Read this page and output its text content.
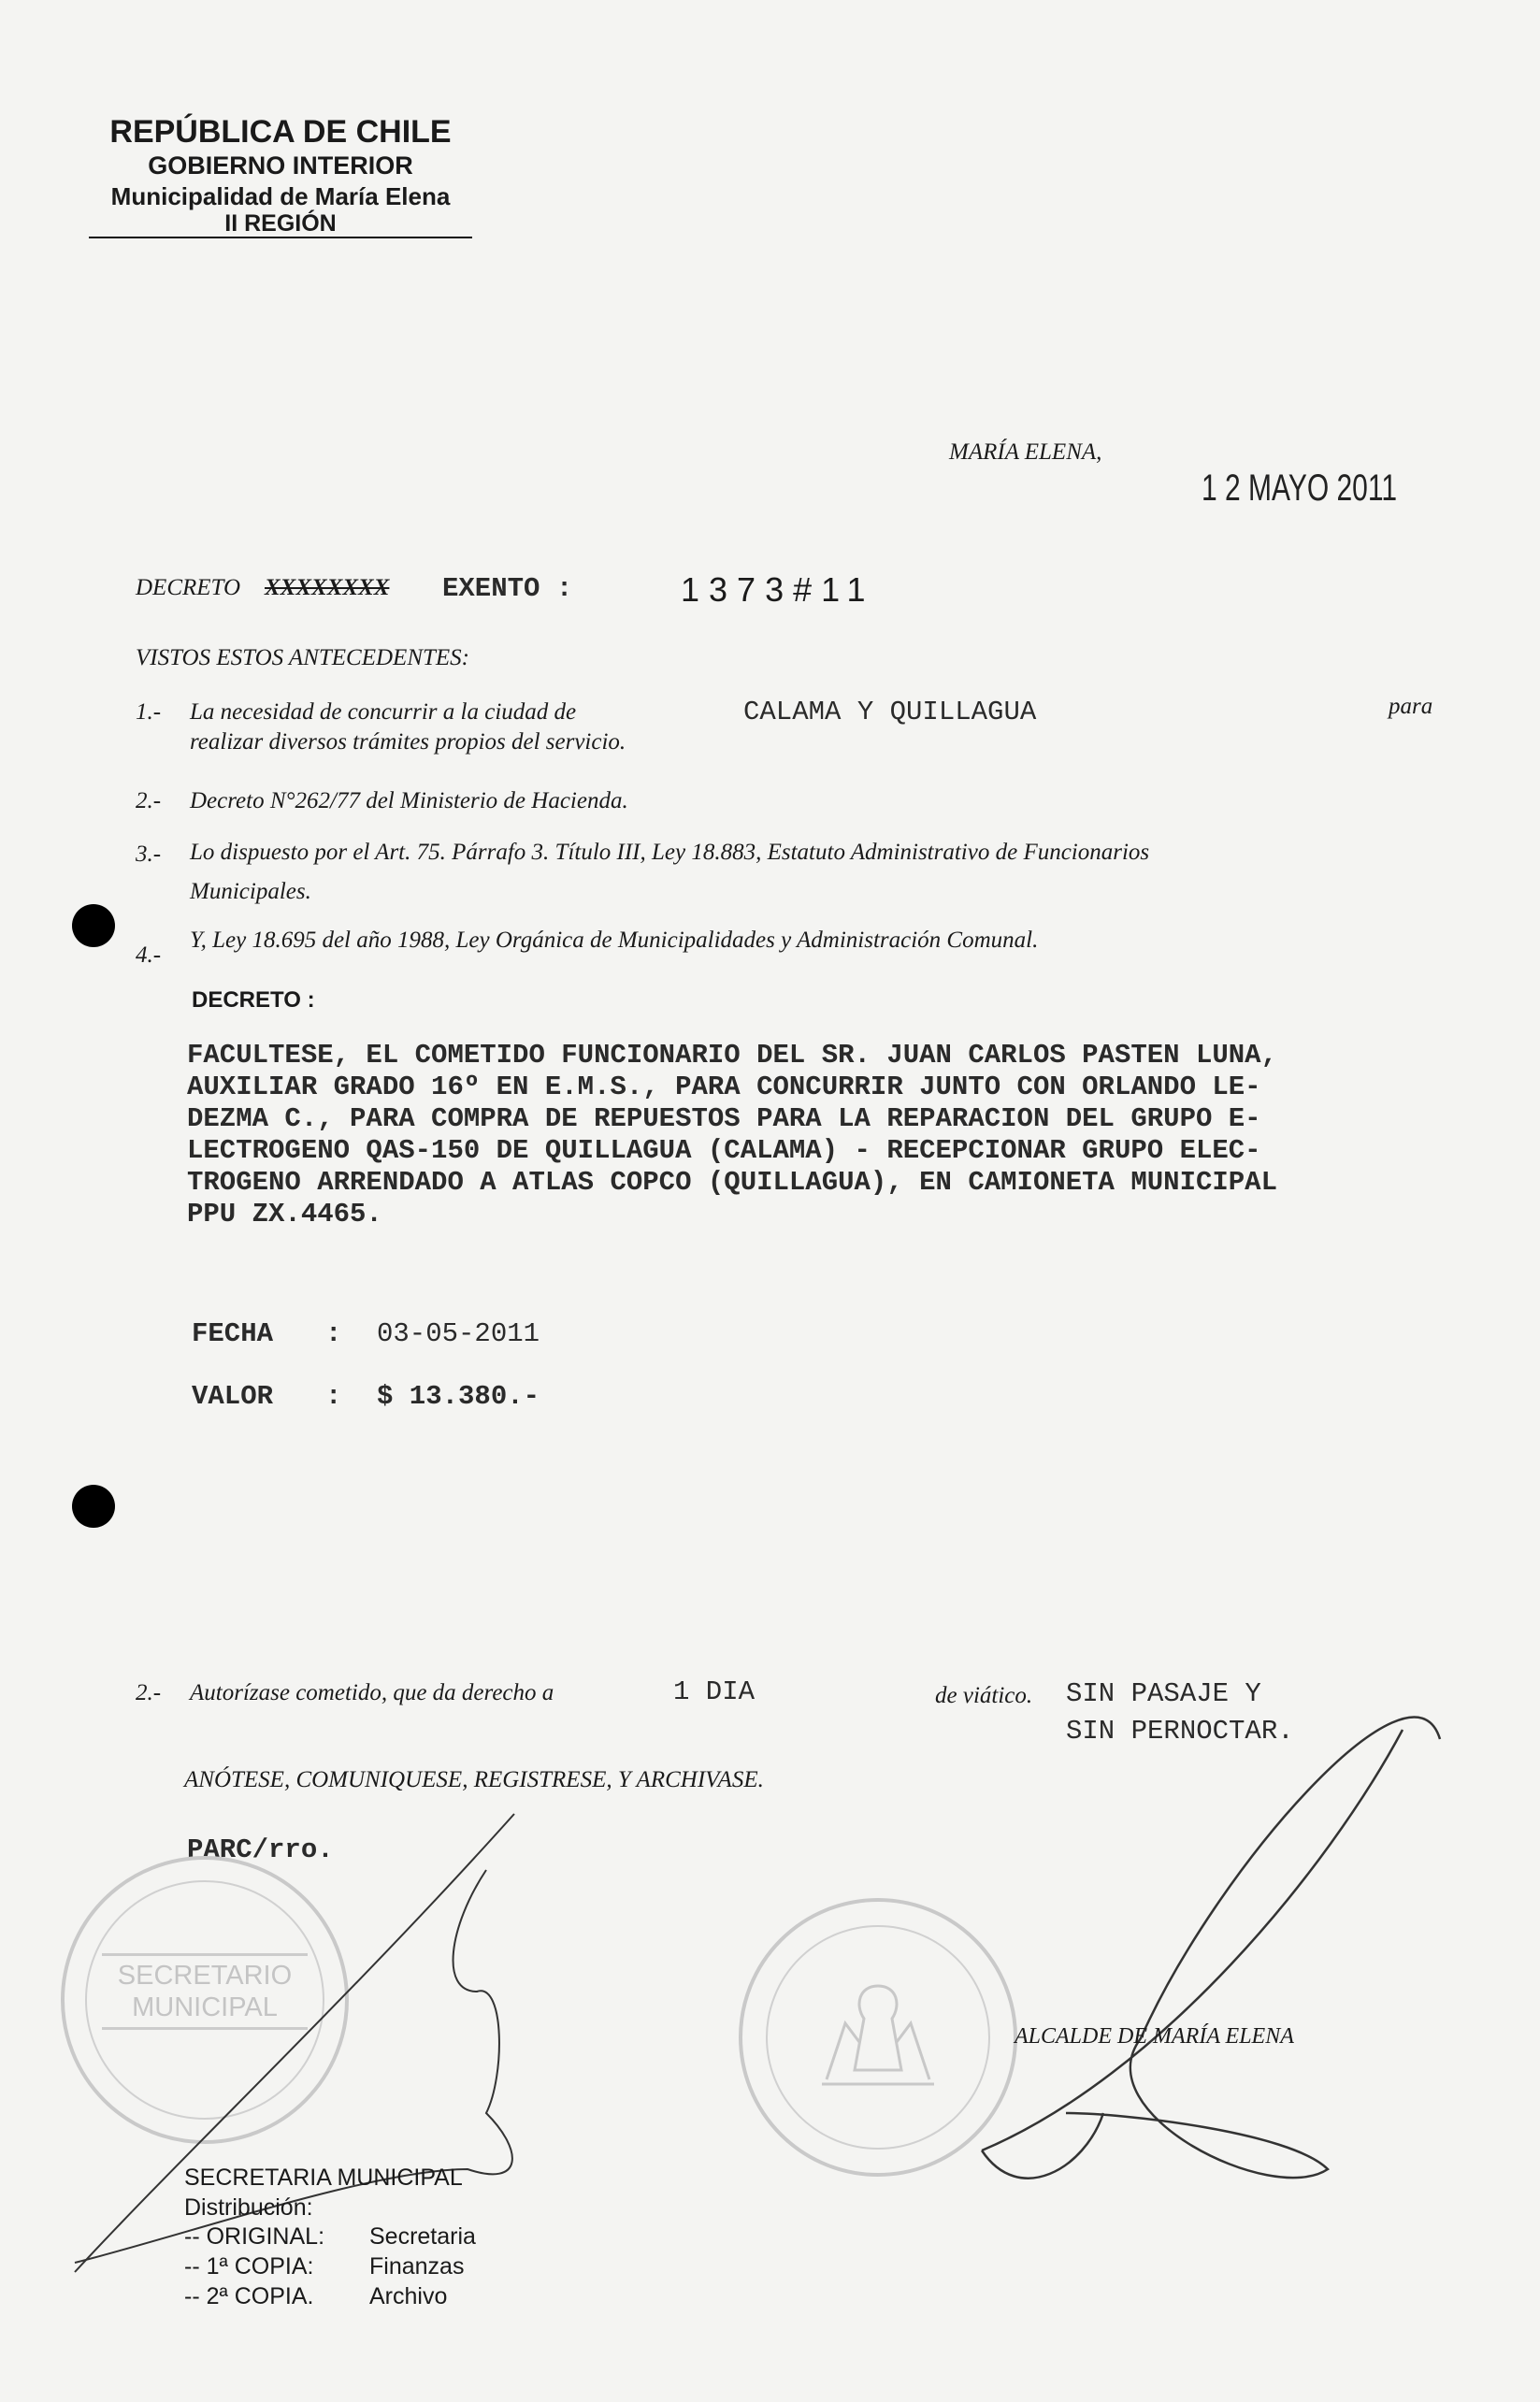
REPÚBLICA DE CHILE
GOBIERNO INTERIOR
Municipalidad de María Elena
II REGIÓN
MARÍA ELENA,
1 2 MAYO 2011
DECRETO XXXXXXXX EXENTO :	1373#11
VISTOS ESTOS ANTECEDENTES:
1.- La necesidad de concurrir a la ciudad de	CALAMA Y QUILLAGUA	para
realizar diversos trámites propios del servicio.
2.- Decreto N°262/77 del Ministerio de Hacienda.
3.- Lo dispuesto por el Art. 75. Párrafo 3. Título III, Ley 18.883, Estatuto Administrativo de Funcionarios
Municipales.
4.-
Y, Ley 18.695 del año 1988, Ley Orgánica de Municipalidades y Administración Comunal.
DECRETO :
FACULTESE, EL COMETIDO FUNCIONARIO DEL SR. JUAN CARLOS PASTEN LUNA,
AUXILIAR GRADO 16º EN E.M.S., PARA CONCURRIR JUNTO CON ORLANDO LE-
DEZMA C., PARA COMPRA DE REPUESTOS PARA LA REPARACION DEL GRUPO E-
LECTROGENO QAS-150 DE QUILLAGUA (CALAMA) - RECEPCIONAR GRUPO ELEC-
TROGENO ARRENDADO A ATLAS COPCO (QUILLAGUA), EN CAMIONETA MUNICIPAL
PPU ZX.4465.
FECHA : 03-05-2011
VALOR : $ 13.380.-
2.- Autorízase cometido, que da derecho a	1 DIA	de viático. SIN PASAJE Y
SIN PERNOCTAR.
ANÓTESE, COMUNIQUESE, REGISTRESE, Y ARCHIVASE.
PARC/rro.
SECRETARIO
MUNICIPAL
ALCALDE DE MARÍA ELENA
SECRETARIA MUNICIPAL
Distribución:
-- ORIGINAL: Secretaria
-- 1ª COPIA: Finanzas
-- 2ª COPIA. Archivo
